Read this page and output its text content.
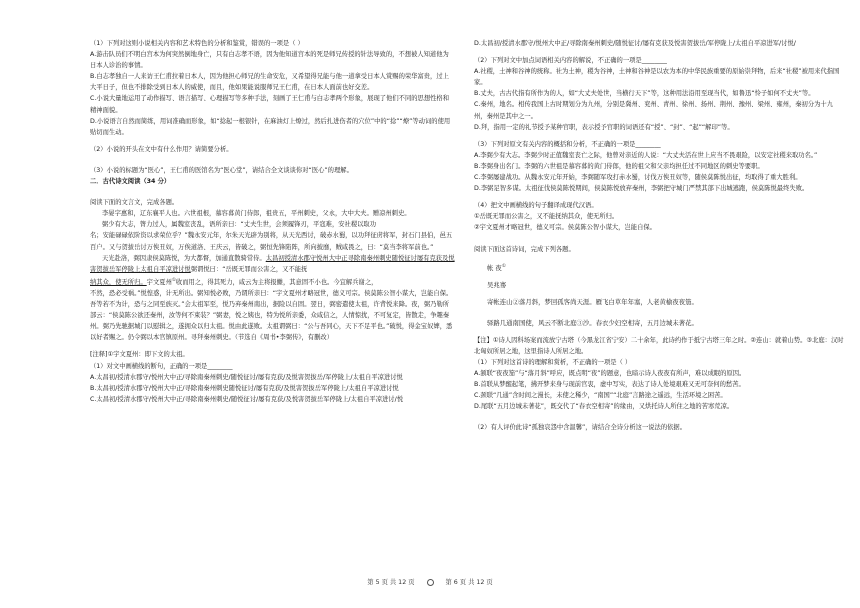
（1）下列对这则小说相关内容和艺术特色的分析和鉴赏，错误的一项是（ ）
A.游击队员们不明白宫本为何突然倒地身亡，只有白志孝不语，因为他知道宫本的死是师兄传授的针法导致的，不想被人知道他为日本人诊治的事情。
B.白志孝独自一人来访王仁甫拉着日本人，因为他担心师兄的生命安危，又希望得兄能与他一道拿受日本人赏赐的荣华富贵，过上大平日子，但也不排除受到日本人的威使，而且，他如果能说服师兄王仁甫，在日本人面前也好交差。
C.小说大量地运用了动作描写、语言描写、心理描写等多种手法，刻画了王仁甫与白志孝两个形象，展现了他们不同的思想性格和精神面貌。
D.小说语言自然而简练，用词准确而形象，如“捻起一根银针，在麻油灯上燎过，然后扎进伤者的穴位”中的“捻”“燎”等动词的使用贴切而生动。
（2）小说的开头在文中有什么作用？请简要分析。
（3）小说的标题为“医心”，王仁甫的医馆名为“医心堂”，请结合全文谈谈你对“医心”的理解。
二．古代诗文阅读（34 分）
阅读下面的文言文，完成各题。
李晏字惠和，辽东襄平人也。六世祖根，慕容暮黄门侍郎，祖贵五，平州刺史，父永，大中大夫。赠凉州刺史。
弼少有大志，膂力过人，属魏室丧乱，语所亲曰：“丈夫生世，会须履锋刃，平寇难，安社稷以取功
名；安能碌碌依阶资以求荣位乎？”魏永安元年，尔朱天光辟为别将，从天光西讨，破赤水蜀，以功拜征虏将军，封石门县伯，邑五百户。又与贺拔岳讨万俟丑奴，万俟道洛、王庆云，皆破之，弼恒先锋陷阵，所向披靡，贼咸畏之，曰：“莫当李将军前也。”
天光赴洛，弼因隶侯莫陈悦，为大都督，加通直散骑常侍。太昌初授清水郡守悦州大中正寻除南秦州刺史随悦征讨屡有克获及悦害贺拔岳军停陇上太祖自平凉进讨悦弼谓悦曰：“岳既无罪而公害之，又不能抚
纳其众，使无所归。宇文夏州①收而用之，得其死力，咸云为主将报雠，其意固不小也。今宜解兵谢之，
不然，恐必受祸。”悦惶惑，计无所出。弼知悦必败，乃谓所亲曰：“宇文夏州才略冠世，德义可宗。侯莫陈公智小谋大，岂能自保。吾等若不为计，恐与之同至族灭。”会太祖军至，悦乃弃秦州南出，据险以自固。翌日，弼密遣使太祖，许背悦来降。夜，弼乃勒所部云：“侯莫陈公欲还秦州，汝等何不束装？”弼妻，悦之姨也，特为悦所亲委，众咸信之，人情惊扰，不可复定，皆散走，争趣秦州。弼乃先驰据城门以慰辑之，遂拥众以归太祖。悦由此遂败。太祖谓弼曰：“公与吾同心，天下不足平也。”破悦，得金宝奴婢，悉以好者赐之。仍令弼以本官镇原州。寻拜秦州刺史。（节选自《周书•李弼传》，有删改）
[注释]①宇文夏州：即下文的太祖。
（1）对文中画横线的断句，正确的一项是________
A.太昌初/授清水郡守/悦州大中正/寻除南秦州刺史/随悦征讨/屡有克获/及悦害贺拔岳/军停陇上/太祖自平凉进讨悦
B.太昌初/授清水郡守/悦州大中正/寻除南秦州刺史随悦征讨/屡有克获/及悦害贺拔岳军停陇上/太祖自平凉进讨悦
C.太昌初/授清水郡守/悦州大中正/寻除南秦州刺史/随悦征讨/屡有克获/及悦害贺拔岳军停陇上/太祖自平凉进讨/悦
D.太昌初/授清水郡守/悦州大中正/寻除南秦州刺史/随悦征讨/屡有克获及悦害贺拔岳/军停陇上/太祖自平凉进军/讨悦/
（2）下列对文中加点词语相关内容的解说，不正确的一项是________
A.社稷，土神和谷神的统称。社为土神，稷为谷神，土神和谷神是以农为本的中华民族重要的原始崇拜物，后来“社稷”被用来代指国家。
B.丈夫，古古代指有所作为的人，如“大丈夫处世，当横行天下”等，这种用法沿用至现当代，如鲁迅“怜子如何不丈夫”等。
C.秦州，地名。相传我国上古时期划分为九州，分别是冀州、兖州、青州、徐州、扬州、荆州、豫州、梁州、雍州，秦初分为十九州，秦州是其中之一。
D.拜，指用一定的礼节授予某种官职，表示授予官职的词语还有“授”、“封”、“起”“解印”等。
（3）下列对原文有关内容的概括和分析，不正确的一项是________
A.李弼少有大志。李弼少时正值魏室丧亡之际，他曾对亲近的人说：“大丈夫活在世上应当不畏艰险，以安定社稷来取功名。”
B.李弼身出名门。李弼的六世祖是慕容暮的黄门侍郎，他的祖父和父亲均担任过不同地区的刺史等要职。
C.李弼屡建战功。从魏永安元年开始，李弼随军攻打赤水蜀，讨伐万俟丑奴等，随侯莫陈悦出征，均取得了重大胜利。
D.李弼足智多谋。太祖征伐侯莫陈悦期间，侯莫陈悦放弃秦州，李弼把守城门严禁其部下出城逃跑，侯莫陈悦最终失败。
（4）把文中画横线的句子翻译成现代汉语。
①岳既无罪而公害之，又不能抚纳其众，使无所归。
②宇文夏州才略冠世，德义可宗。侯莫陈公智小谋大，岂能自保。
阅读下面这首诗词，完成下列各题。
帐 夜①
吴兆骞
寄帐连山②落月斜，梦回孤客尚天涯。雁飞白草年年塞，人老黄榆夜夜笳。
驿路几通南国使，风云不断北庭③沙。春衣少妇空相寄，五月边城未著花。
【注】①诗人因科场案而流放宁古塔（今黑龙江省宁安）二十余年，此诗约作于抵宁古塔三年之时。②连山：就着山势。③北庭：汉时北匈奴所居之地，这里指诗人所居之地。
（1）下列对这首诗的理解和赏析，不正确的一项是（ ）
A.颔联“夜夜笳”与“落月斜”呼应，既点明“夜”的题意，也暗示诗人夜夜有所声，难以成眠的原因。
B.首联从梦醒起笔，拂开梦来身与现前官衷，虚中写实，表达了诗人处境艰难又无可奈何的愁苦。
C.颈联“几通”含时间之漫长，未使之稀少，“南国”“北庭”言路途之遥远，生活环境之困苦。
D.尾联“五月边城未著花”，既交代了“春衣空相寄”的缘由，又烘托诗人所住之地的苦寒荒凉。
（2）有人评价此诗“孤独哀怨中含温馨”，请结合全诗分析这一说法的依据。
第 5 页 共 12 页	第 6 页 共 12 页
